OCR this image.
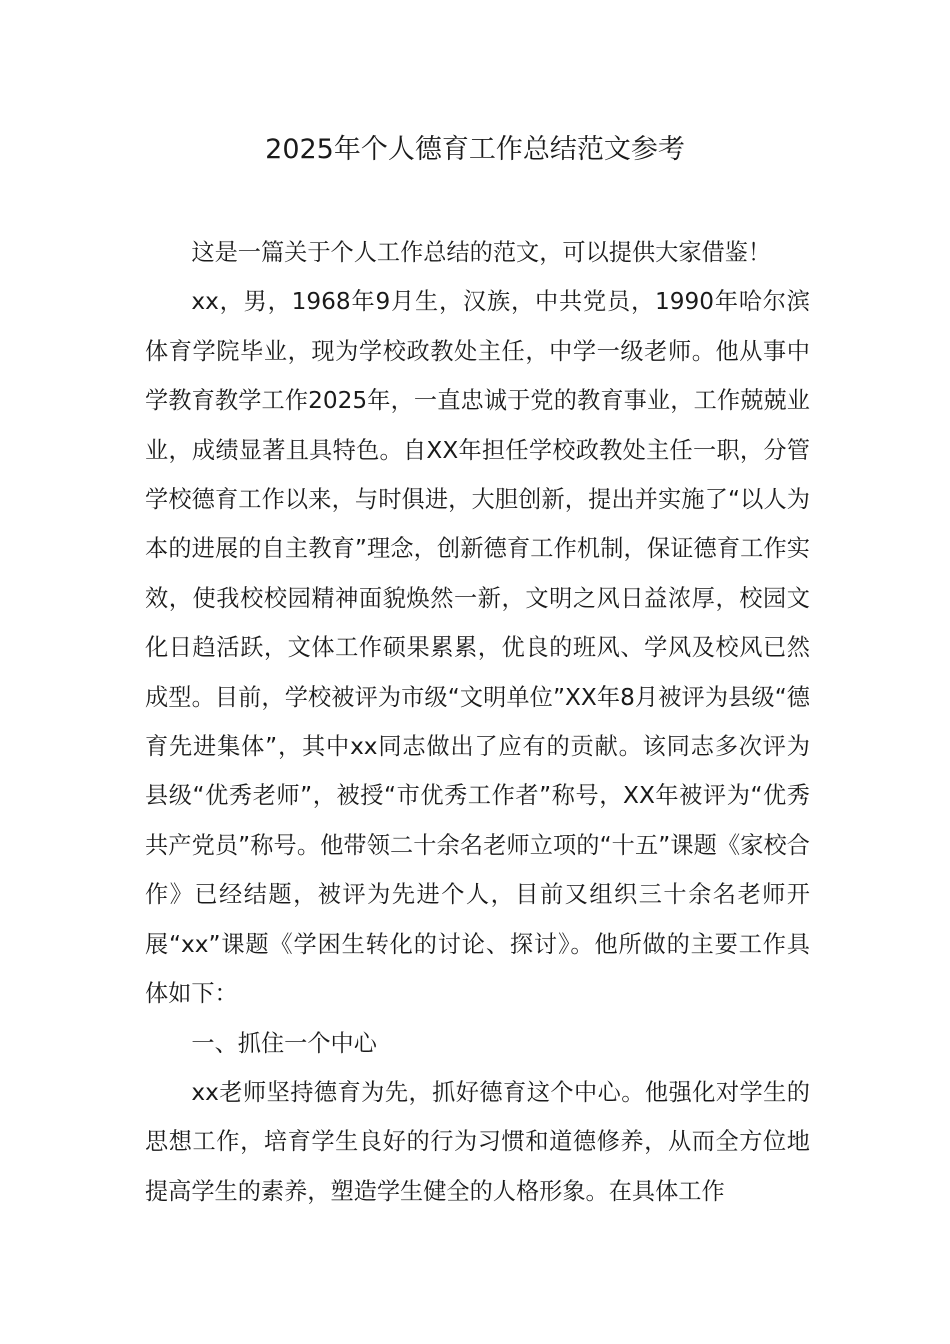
2025年个人德育工作总结范文参考

这是一篇关于个人工作总结的范文，可以提供大家借鉴！

xx，男，1968年9月生，汉族，中共党员，1990年哈尔滨体育学院毕业，现为学校政教处主任，中学一级老师。他从事中学教育教学工作2025年，一直忠诚于党的教育事业，工作兢兢业业，成绩显著且具特色。自XX年担任学校政教处主任一职，分管学校德育工作以来，与时俱进，大胆创新，提出并实施了“以人为本的进展的自主教育”理念，创新德育工作机制，保证德育工作实效，使我校校园精神面貌焕然一新，文明之风日益浓厚，校园文化日趋活跃，文体工作硕果累累，优良的班风、学风及校风已然成型。目前，学校被评为市级“文明单位”XX年8月被评为县级“德育先进集体”，其中xx同志做出了应有的贡献。该同志多次评为县级“优秀老师”，被授“市优秀工作者”称号，XX年被评为“优秀共产党员”称号。他带领二十余名老师立项的“十五”课题《家校合作》已经结题，被评为先进个人，目前又组织三十余名老师开展“xx”课题《学困生转化的讨论、探讨》。他所做的主要工作具体如下：

一、抓住一个中心

xx老师坚持德育为先，抓好德育这个中心。他强化对学生的思想工作，培育学生良好的行为习惯和道德修养，从而全方位地提高学生的素养，塑造学生健全的人格形象。在具体工作
